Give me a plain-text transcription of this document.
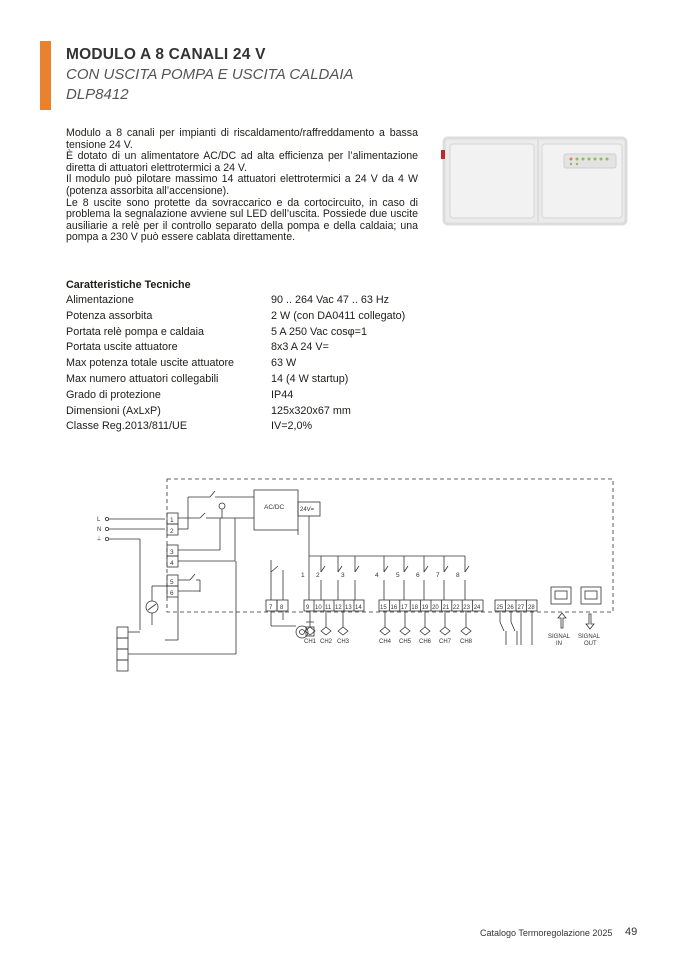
MODULO A 8 CANALI 24 V
CON USCITA POMPA E USCITA CALDAIA
DLP8412

Modulo a 8 canali per impianti di riscaldamento/raffreddamento a bassa tensione 24 V.

È dotato di un alimentatore AC/DC ad alta efficienza per l’alimentazione diretta di attuatori elettrotermici a 24 V.

Il modulo può pilotare massimo 14 attuatori elettrotermici a 24 V da 4 W (potenza assorbita all’accensione).

Le 8 uscite sono protette da sovraccarico e da cortocircuito, in caso di problema la segnalazione avviene sul LED dell’uscita. Possiede due uscite ausiliarie a relè per il controllo separato della pompa e della caldaia; una pompa a 230 V può essere cablata direttamente.

Caratteristiche Tecniche
Alimentazione	90 .. 264 Vac 47 .. 63 Hz
Potenza assorbita	2 W (con DA0411 collegato)
Portata relè pompa e caldaia	5 A 250 Vac cosφ=1
Portata uscite attuatore	8x3 A 24 V=
Max potenza totale uscite attuatore	63 W
Max numero attuatori collegabili	14 (4 W startup)
Grado di protezione	IP44
Dimensioni (AxLxP)	125x320x67 mm
Classe Reg.2013/811/UE	IV=2,0%
L
N
⏚
1
2
3
4
5
6
AC/DC	24V=
1 2	3	4	5	6	7	8
7 8	9 10 11 12 13 14	15 16 17 18 19 20 21 22 23 24	25 26 27 28
CH1 CH2 CH3	CH4 CH5 CH6 CH7 CH8
SIGNAL
IN
SIGNAL
OUT
Catalogo Termoregolazione 2025 49
